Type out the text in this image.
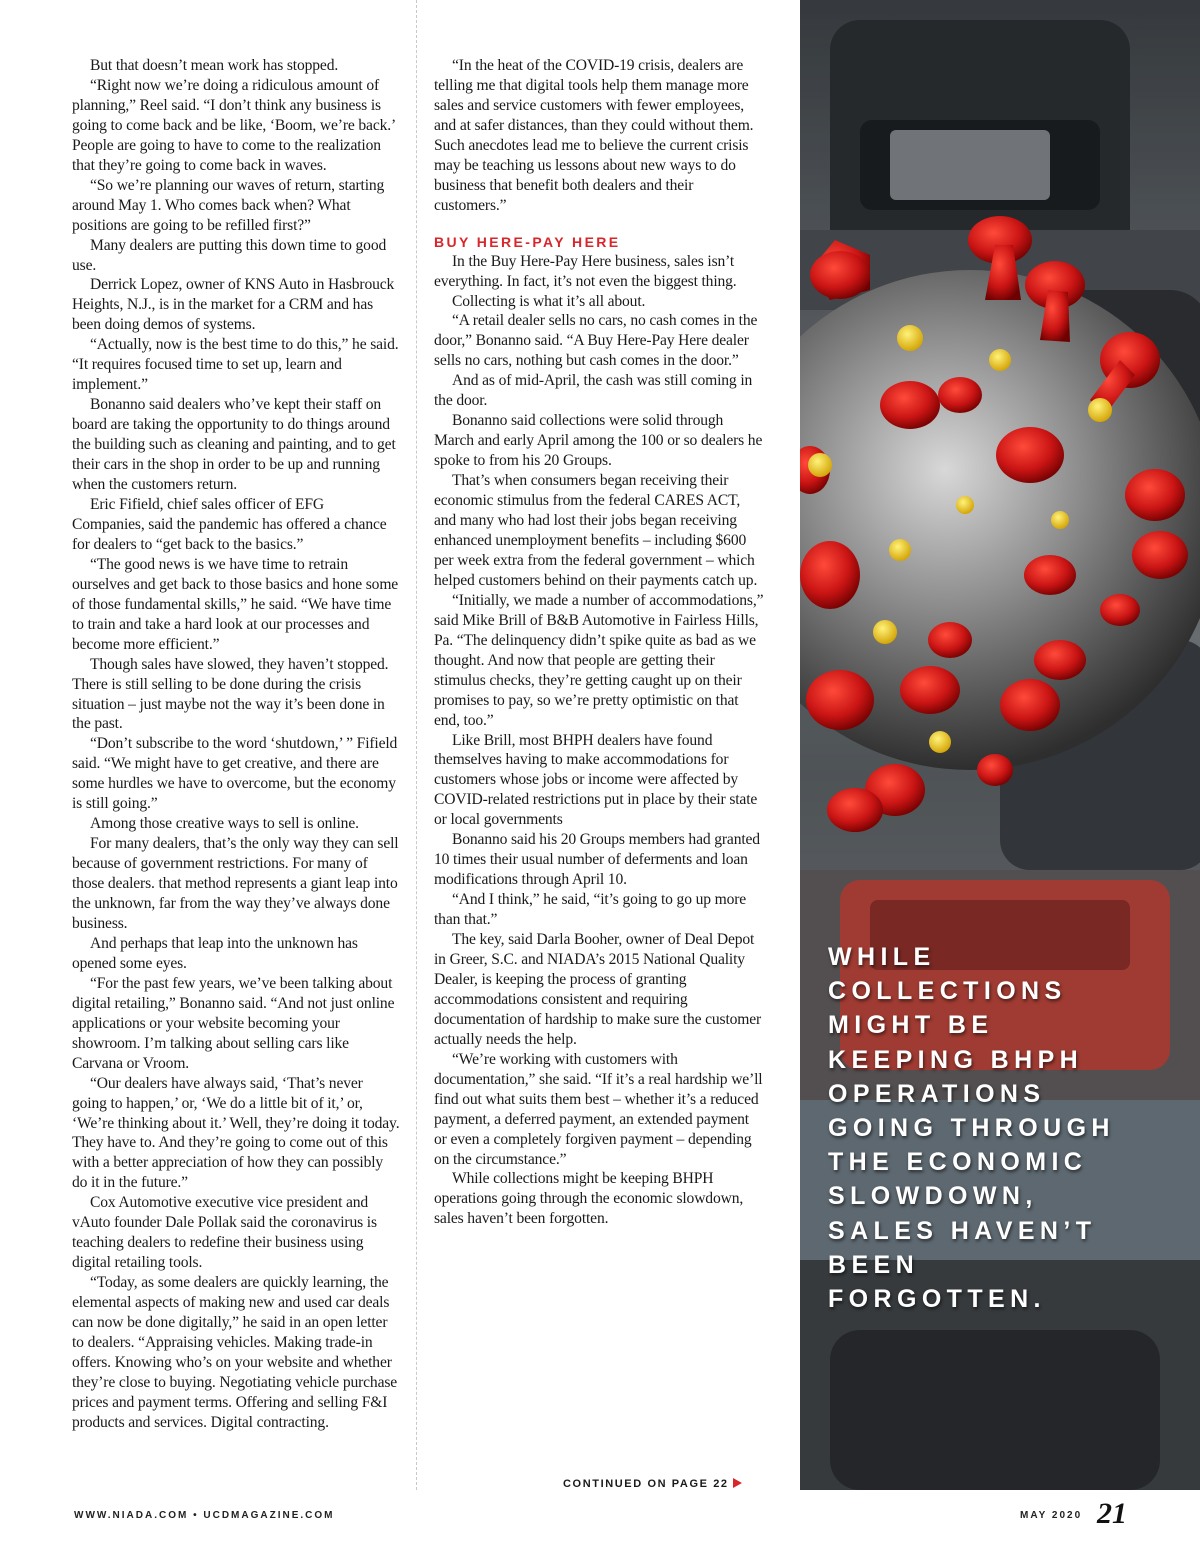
But that doesn’t mean work has stopped.

“Right now we’re doing a ridiculous amount of planning,” Reel said. “I don’t think any business is going to come back and be like, ‘Boom, we’re back.’ People are going to have to come to the realization that they’re going to come back in waves.

“So we’re planning our waves of return, starting around May 1. Who comes back when? What positions are going to be refilled first?”

Many dealers are putting this down time to good use.

Derrick Lopez, owner of KNS Auto in Hasbrouck Heights, N.J., is in the market for a CRM and has been doing demos of systems.

“Actually, now is the best time to do this,” he said. “It requires focused time to set up, learn and implement.”

Bonanno said dealers who’ve kept their staff on board are taking the opportunity to do things around the building such as cleaning and painting, and to get their cars in the shop in order to be up and running when the customers return.

Eric Fifield, chief sales officer of EFG Companies, said the pandemic has offered a chance for dealers to “get back to the basics.”

“The good news is we have time to retrain ourselves and get back to those basics and hone some of those fundamental skills,” he said. “We have time to train and take a hard look at our processes and become more efficient.”

Though sales have slowed, they haven’t stopped. There is still selling to be done during the crisis situation – just maybe not the way it’s been done in the past.

“Don’t subscribe to the word ‘shutdown,’ ” Fifield said. “We might have to get creative, and there are some hurdles we have to overcome, but the economy is still going.”

Among those creative ways to sell is online.

For many dealers, that’s the only way they can sell because of government restrictions. For many of those dealers. that method represents a giant leap into the unknown, far from the way they’ve always done business.

And perhaps that leap into the unknown has opened some eyes.

“For the past few years, we’ve been talking about digital retailing,” Bonanno said. “And not just online applications or your website becoming your showroom. I’m talking about selling cars like Carvana or Vroom.

“Our dealers have always said, ‘That’s never going to happen,’ or, ‘We do a little bit of it,’ or, ‘We’re thinking about it.’ Well, they’re doing it today. They have to. And they’re going to come out of this with a better appreciation of how they can possibly do it in the future.”

Cox Automotive executive vice president and vAuto founder Dale Pollak said the coronavirus is teaching dealers to redefine their business using digital retailing tools.

“Today, as some dealers are quickly learning, the elemental aspects of making new and used car deals can now be done digitally,” he said in an open letter to dealers. “Appraising vehicles. Making trade-in offers. Knowing who’s on your website and whether they’re close to buying. Negotiating vehicle purchase prices and payment terms. Offering and selling F&I products and services. Digital contracting.

“In the heat of the COVID-19 crisis, dealers are telling me that digital tools help them manage more sales and service customers with fewer employees, and at safer distances, than they could without them. Such anecdotes lead me to believe the current crisis may be teaching us lessons about new ways to do business that benefit both dealers and their customers.”

BUY HERE-PAY HERE

In the Buy Here-Pay Here business, sales isn’t everything. In fact, it’s not even the biggest thing.

Collecting is what it’s all about.

“A retail dealer sells no cars, no cash comes in the door,” Bonanno said. “A Buy Here-Pay Here dealer sells no cars, nothing but cash comes in the door.”

And as of mid-April, the cash was still coming in the door.

Bonanno said collections were solid through March and early April among the 100 or so dealers he spoke to from his 20 Groups.

That’s when consumers began receiving their economic stimulus from the federal CARES ACT, and many who had lost their jobs began receiving enhanced unemployment benefits – including $600 per week extra from the federal government – which helped customers behind on their payments catch up.

“Initially, we made a number of accommodations,” said Mike Brill of B&B Automotive in Fairless Hills, Pa. “The delinquency didn’t spike quite as bad as we thought. And now that people are getting their stimulus checks, they’re getting caught up on their promises to pay, so we’re pretty optimistic on that end, too.”

Like Brill, most BHPH dealers have found themselves having to make accommodations for customers whose jobs or income were affected by COVID-related restrictions put in place by their state or local governments

Bonanno said his 20 Groups members had granted 10 times their usual number of deferments and loan modifications through April 10.

“And I think,” he said, “it’s going to go up more than that.”

The key, said Darla Booher, owner of Deal Depot in Greer, S.C. and NIADA’s 2015 National Quality Dealer, is keeping the process of granting accommodations consistent and requiring documentation of hardship to make sure the customer actually needs the help.

“We’re working with customers with documentation,” she said. “If it’s a real hardship we’ll find out what suits them best – whether it’s a reduced payment, a deferred payment, an extended payment or even a completely forgiven payment – depending on the circumstance.”

While collections might be keeping BHPH operations going through the economic slowdown, sales haven’t been forgotten.

CONTINUED ON PAGE 22
WHILE COLLECTIONS MIGHT BE KEEPING BHPH OPERATIONS GOING THROUGH THE ECONOMIC SLOWDOWN, SALES HAVEN’T BEEN FORGOTTEN.
WWW.NIADA.COM • UCDMAGAZINE.COM	MAY 2020 21
